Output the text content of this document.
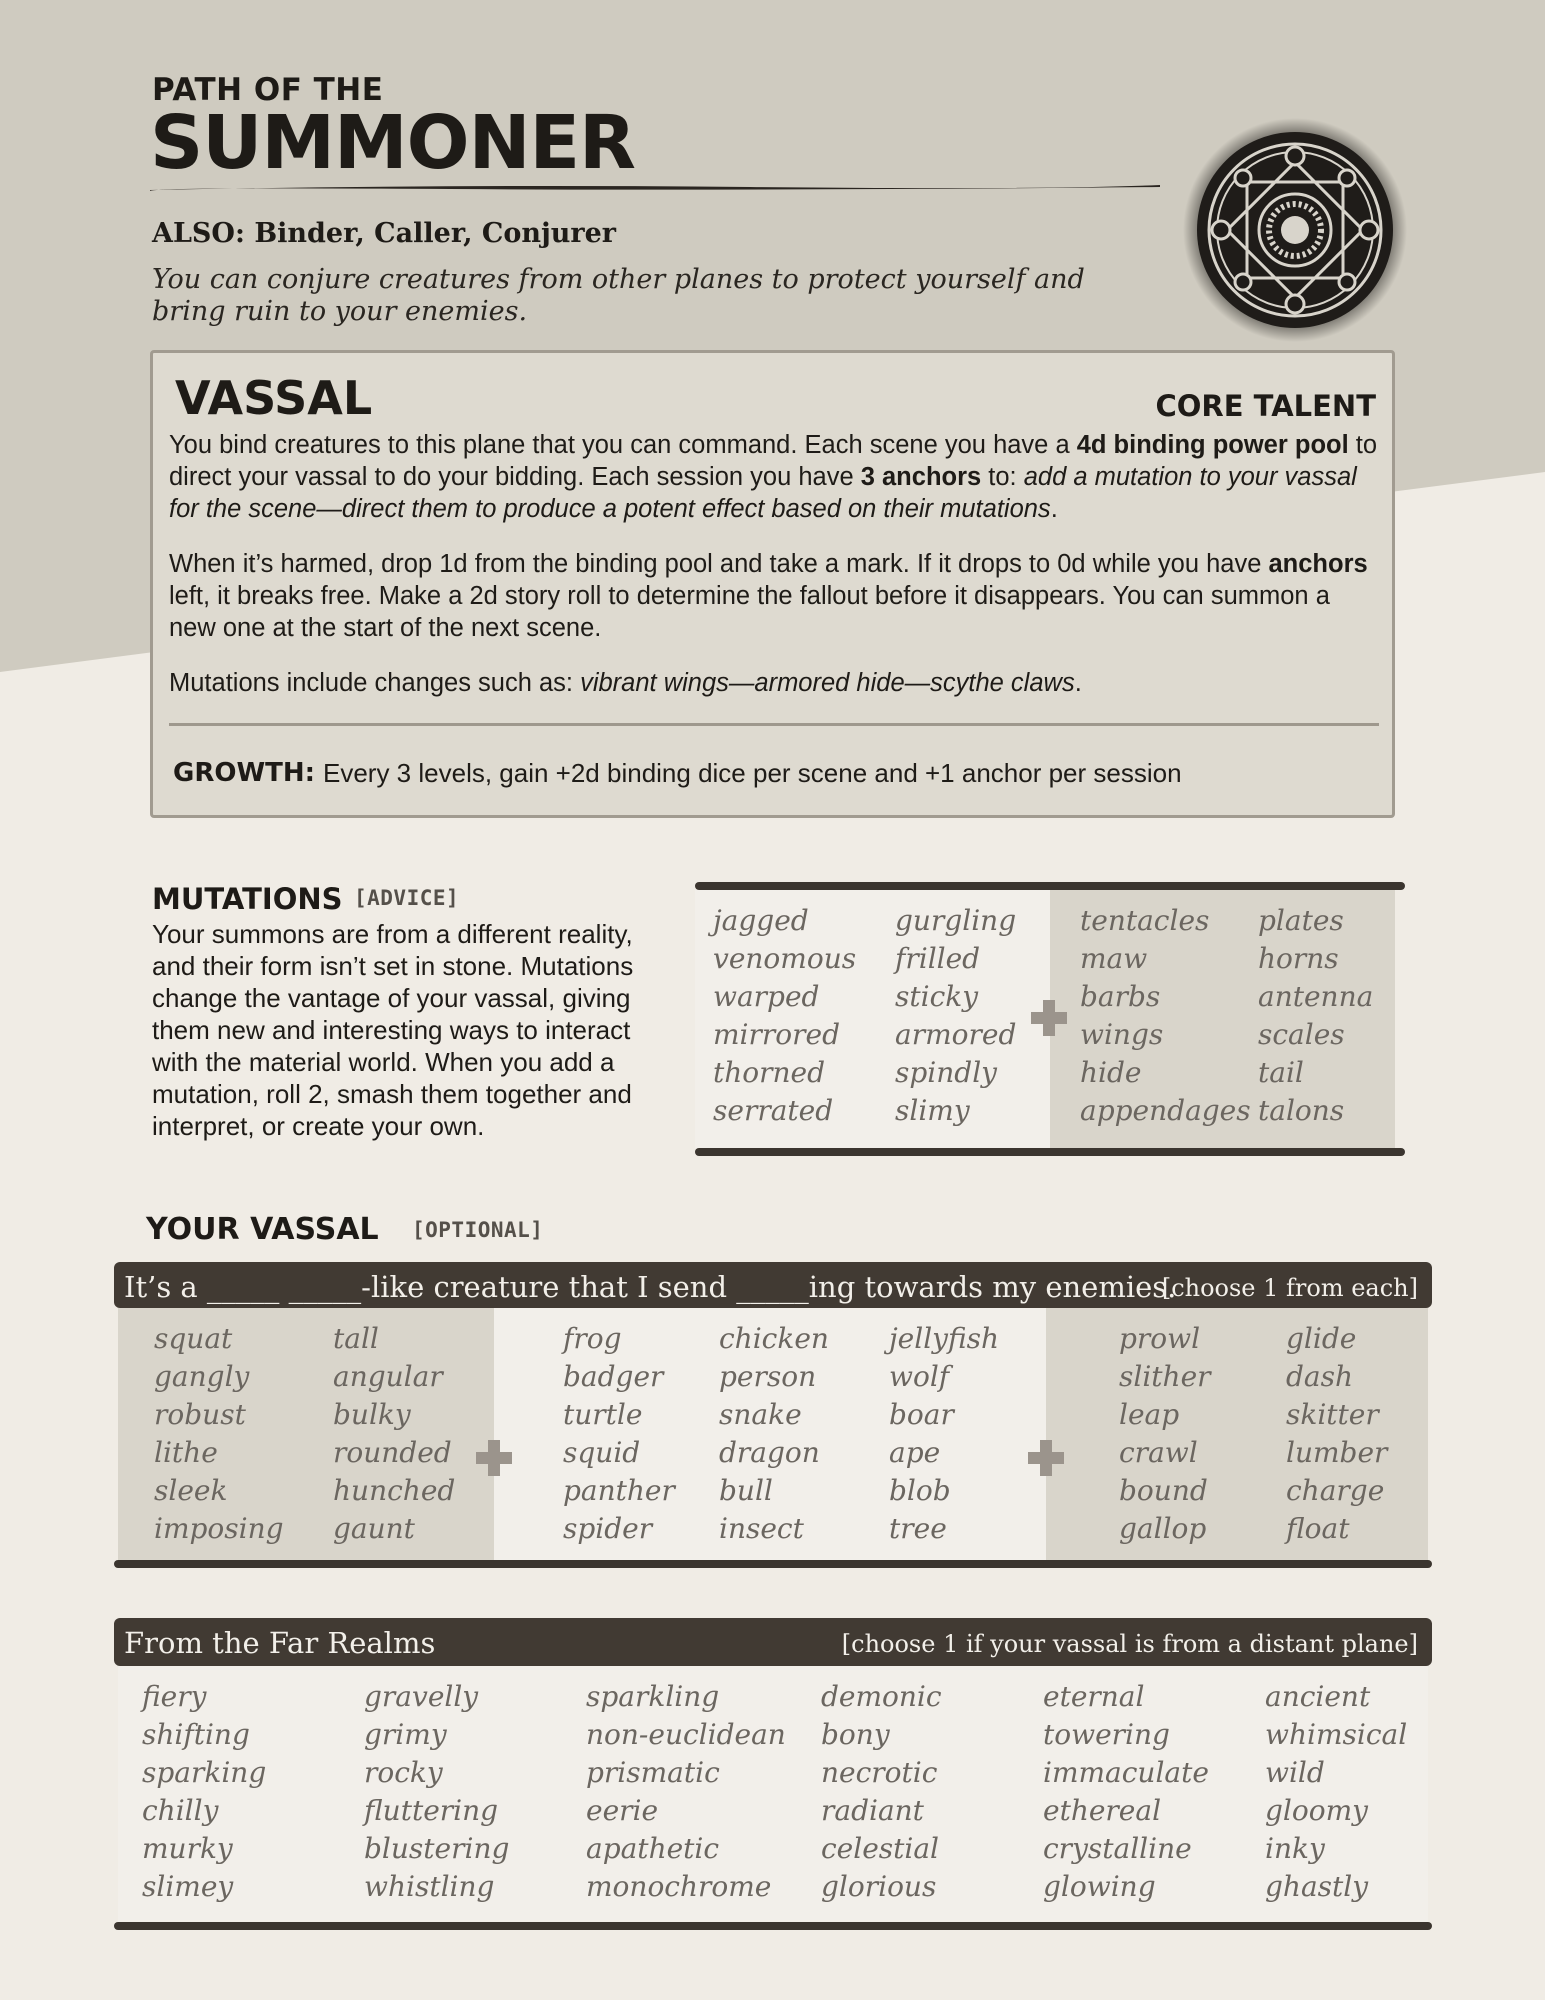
PATH OF THE
SUMMONER
ALSO: Binder, Caller, Conjurer
You can conjure creatures from other planes to protect yourself and bring ruin to your enemies.
VASSAL	CORE TALENT
You bind creatures to this plane that you can command. Each scene you have a 4d binding power pool to direct your vassal to do your bidding. Each session you have 3 anchors to: add a mutation to your vassal for the scene—direct them to produce a potent effect based on their mutations.
When it’s harmed, drop 1d from the binding pool and take a mark. If it drops to 0d while you have anchors left, it breaks free. Make a 2d story roll to determine the fallout before it disappears. You can summon a new one at the start of the next scene.
Mutations include changes such as: vibrant wings—armored hide—scythe claws.
GROWTH: Every 3 levels, gain +2d binding dice per scene and +1 anchor per session
MUTATIONS [ADVICE]
Your summons are from a different reality, and their form isn’t set in stone. Mutations change the vantage of your vassal, giving them new and interesting ways to interact with the material world. When you add a mutation, roll 2, smash them together and interpret, or create your own.
jagged
venomous
warped
mirrored
thorned
serrated
gurgling
frilled
sticky
armored
spindly
slimy
tentacles
maw
barbs
wings
hide
appendages
plates
horns
antenna
scales
tail
talons
YOUR VASSAL [OPTIONAL]
It’s a _____ _____-like creature that I send _____ing towards my enemies.
[choose 1 from each]
squat
gangly
robust
lithe
sleek
imposing
tall
angular
bulky
rounded
hunched
gaunt
frog
badger
turtle
squid
panther
spider
chicken
person
snake
dragon
bull
insect
jellyfish
wolf
boar
ape
blob
tree
prowl
slither
leap
crawl
bound
gallop
glide
dash
skitter
lumber
charge
float
From the Far Realms	[choose 1 if your vassal is from a distant plane]
fiery
shifting
sparking
chilly
murky
slimey
gravelly
grimy
rocky
fluttering
blustering
whistling
sparkling
non-euclidean
prismatic
eerie
apathetic
monochrome
demonic
bony
necrotic
radiant
celestial
glorious
eternal
towering
immaculate
ethereal
crystalline
glowing
ancient
whimsical
wild
gloomy
inky
ghastly
